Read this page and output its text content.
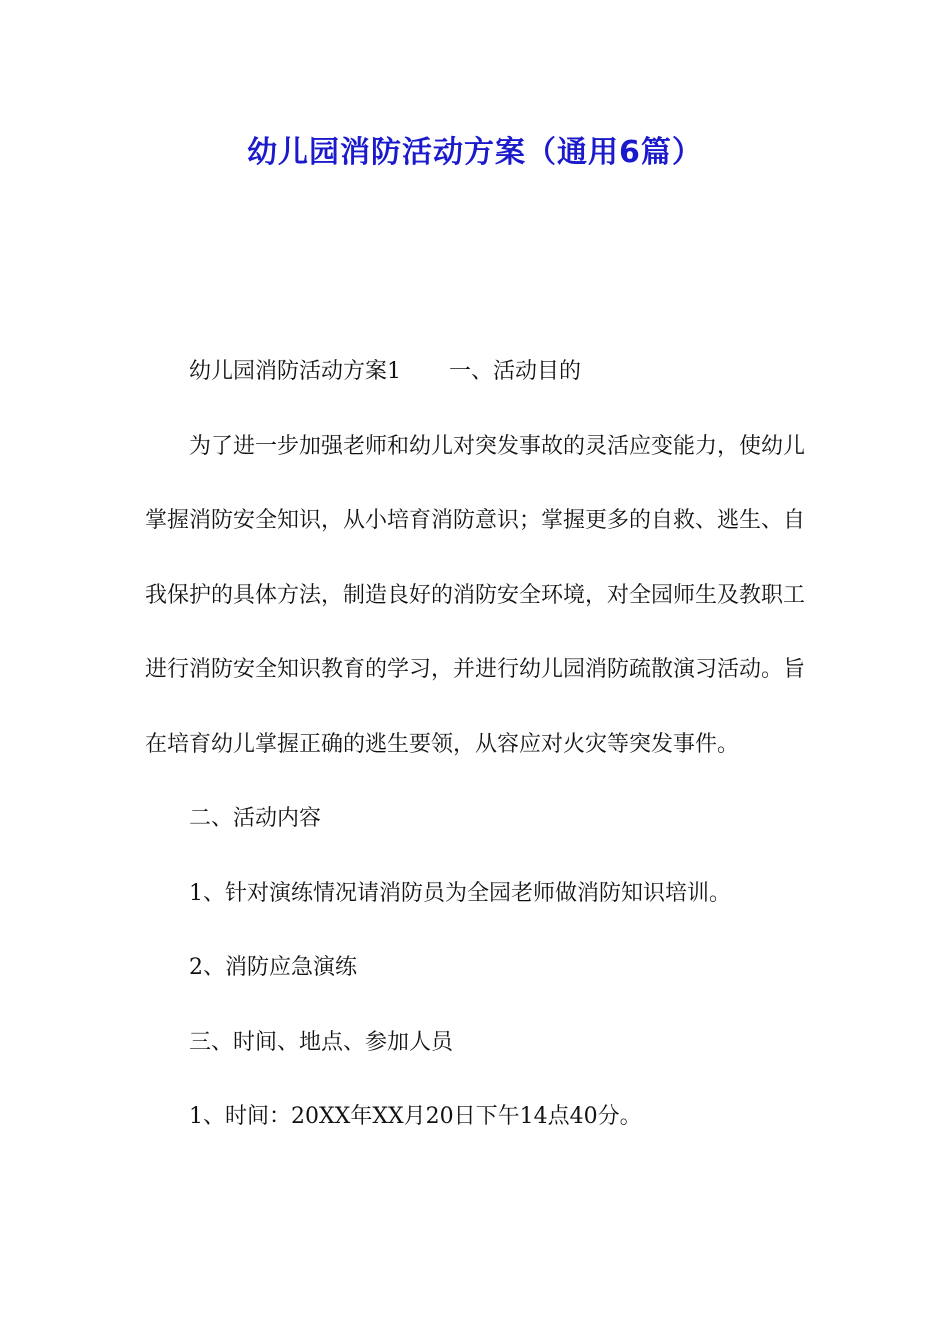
幼儿园消防活动方案（通用6篇）

幼儿园消防活动方案1 一、活动目的

为了进一步加强老师和幼儿对突发事故的灵活应变能力，使幼儿掌握消防安全知识，从小培育消防意识；掌握更多的自救、逃生、自我保护的具体方法，制造良好的消防安全环境，对全园师生及教职工进行消防安全知识教育的学习，并进行幼儿园消防疏散演习活动。旨在培育幼儿掌握正确的逃生要领，从容应对火灾等突发事件。

二、活动内容

1、针对演练情况请消防员为全园老师做消防知识培训。

2、消防应急演练

三、时间、地点、参加人员

1、时间：20XX年XX月20日下午14点40分。
